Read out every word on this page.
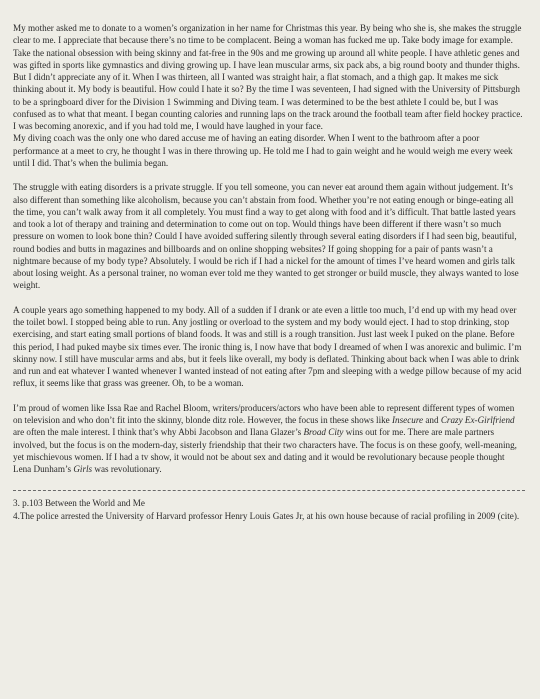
My mother asked me to donate to a women’s organization in her name for Christmas this year. By being who she is, she makes the struggle clear to me. I appreciate that because there’s no time to be complacent. Being a woman has fucked me up. Take body image for example. Take the national obsession with being skinny and fat-free in the 90s and me growing up around all white people. I have athletic genes and was gifted in sports like gymnastics and diving growing up. I have lean muscular arms, six pack abs, a big round booty and thunder thighs. But I didn’t appreciate any of it. When I was thirteen, all I wanted was straight hair, a flat stomach, and a thigh gap. It makes me sick thinking about it. My body is beautiful. How could I hate it so? By the time I was seventeen, I had signed with the University of Pittsburgh to be a springboard diver for the Division 1 Swimming and Diving team. I was determined to be the best athlete I could be, but I was confused as to what that meant. I began counting calories and running laps on the track around the football team after field hockey practice. I was becoming anorexic, and if you had told me, I would have laughed in your face.

My diving coach was the only one who dared accuse me of having an eating disorder. When I went to the bathroom after a poor performance at a meet to cry, he thought I was in there throwing up. He told me I had to gain weight and he would weigh me every week until I did. That’s when the bulimia began.

The struggle with eating disorders is a private struggle. If you tell someone, you can never eat around them again without judgement. It’s also different than something like alcoholism, because you can’t abstain from food. Whether you’re not eating enough or binge-eating all the time, you can’t walk away from it all completely. You must find a way to get along with food and it’s difficult. That battle lasted years and took a lot of therapy and training and determination to come out on top. Would things have been different if there wasn’t so much pressure on women to look bone thin? Could I have avoided suffering silently through several eating disorders if I had seen big, beautiful, round bodies and butts in magazines and billboards and on online shopping websites? If going shopping for a pair of pants wasn’t a nightmare because of my body type? Absolutely. I would be rich if I had a nickel for the amount of times I’ve heard women and girls talk about losing weight. As a personal trainer, no woman ever told me they wanted to get stronger or build muscle, they always wanted to lose weight.

A couple years ago something happened to my body. All of a sudden if I drank or ate even a little too much, I’d end up with my head over the toilet bowl. I stopped being able to run. Any jostling or overload to the system and my body would eject. I had to stop drinking, stop exercising, and start eating small portions of bland foods. It was and still is a rough transition. Just last week I puked on the plane. Before this period, I had puked maybe six times ever. The ironic thing is, I now have that body I dreamed of when I was anorexic and bulimic. I’m skinny now. I still have muscular arms and abs, but it feels like overall, my body is deflated. Thinking about back when I was able to drink and run and eat whatever I wanted whenever I wanted instead of not eating after 7pm and sleeping with a wedge pillow because of my acid reflux, it seems like that grass was greener. Oh, to be a woman.

I’m proud of women like Issa Rae and Rachel Bloom, writers/producers/actors who have been able to represent different types of women on television and who don’t fit into the skinny, blonde ditz role. However, the focus in these shows like Insecure and Crazy Ex-Girlfriend are often the male interest. I think that’s why Abbi Jacobson and Ilana Glazer’s Broad City wins out for me. There are male partners involved, but the focus is on the modern-day, sisterly friendship that their two characters have. The focus is on these goofy, well-meaning, yet mischievous women. If I had a tv show, it would not be about sex and dating and it would be revolutionary because people thought Lena Dunham’s Girls was revolutionary.

3. p.103 Between the World and Me

4.The police arrested the University of Harvard professor Henry Louis Gates Jr, at his own house because of racial profiling in 2009 (cite).
